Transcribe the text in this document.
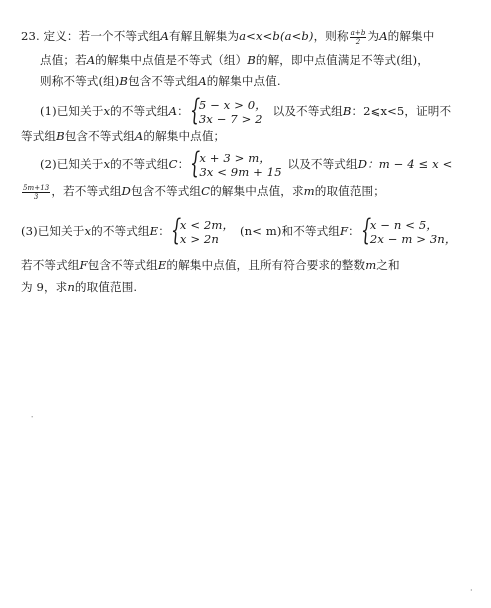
23. 定义：若一个不等式组A有解且解集为a<x<b(a<b)，则称 $\frac{a+b}{2}$ 为A的解集中
点值；若A的解集中点值是不等式（组）B的解，即中点值满足不等式(组)，
则称不等式(组)B包含不等式组A的解集中点值.
(1)已知关于x的不等式组A： {
5 − x > 0，
3x − 7 > 2
以及不等式组B：2⩽x<5，证明不
等式组B包含不等式组A的解集中点值；
(2)已知关于x的不等式组C： {
x + 3 > m，
3x < 9m + 15
以及不等式组D：m − 4 ≤ x <
$\frac{5m+13}{3}$ ，若不等式组D包含不等式组C的解集中点值，求m的取值范围；
(3)已知关于x的不等式组E： {
x < 2m，
x > 2n
(n< m)和不等式组F： {
x − n < 5，
2x − m > 3n，
若不等式组F包含不等式组E的解集中点值，且所有符合要求的整数m之和
为 9，求n的取值范围.
٠
·
